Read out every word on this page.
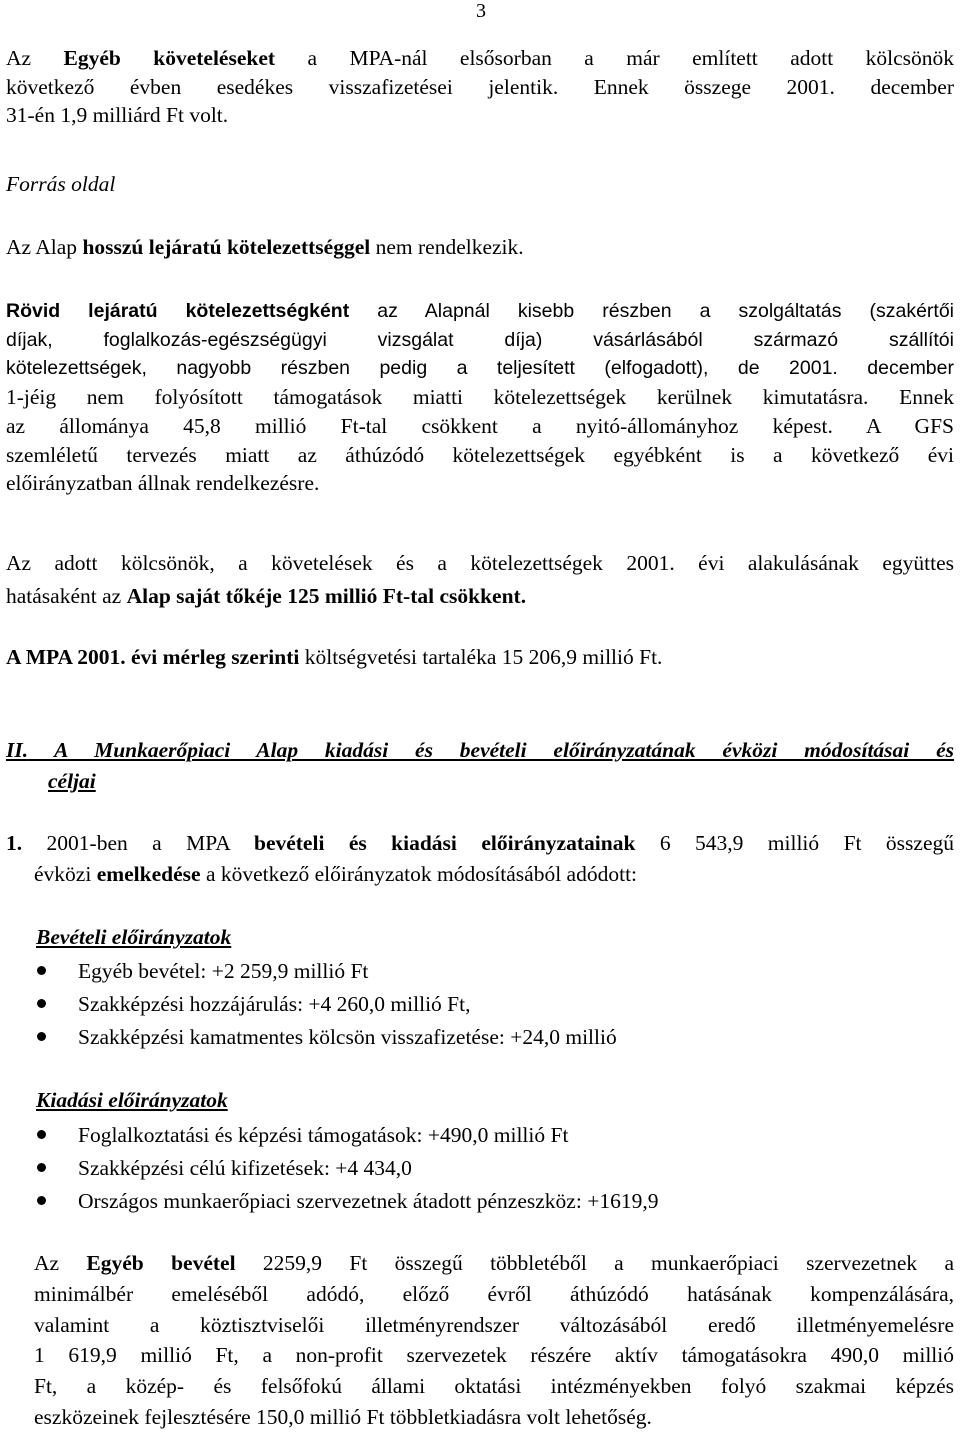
3

Az Egyéb követeléseket a MPA-nál elsősorban a már említett adott kölcsönök
következő évben esedékes visszafizetései jelentik. Ennek összege 2001. december
31-én 1,9 milliárd Ft volt.

Forrás oldal

Az Alap hosszú lejáratú kötelezettséggel nem rendelkezik.

Rövid lejáratú kötelezettségként az Alapnál kisebb részben a szolgáltatás (szakértői
díjak, foglalkozás-egészségügyi vizsgálat díja) vásárlásából származó szállítói
kötelezettségek, nagyobb részben pedig a teljesített (elfogadott), de 2001. december
1-jéig nem folyósított támogatások miatti kötelezettségek kerülnek kimutatásra. Ennek
az állománya 45,8 millió Ft-tal csökkent a nyitó-állományhoz képest. A GFS
szemléletű tervezés miatt az áthúzódó kötelezettségek egyébként is a következő évi
előirányzatban állnak rendelkezésre.

Az adott kölcsönök, a követelések és a kötelezettségek 2001. évi alakulásának együttes
hatásaként az Alap saját tőkéje 125 millió Ft-tal csökkent.

A MPA 2001. évi mérleg szerinti költségvetési tartaléka 15 206,9 millió Ft.

II. A Munkaerőpiaci Alap kiadási és bevételi előirányzatának évközi módosításai és
céljai
1. 2001-ben a MPA bevételi és kiadási előirányzatainak 6 543,9 millió Ft összegű
évközi emelkedése a következő előirányzatok módosításából adódott:

Bevételi előirányzatok

Egyéb bevétel: +2 259,9 millió Ft
Szakképzési hozzájárulás: +4 260,0 millió Ft,
Szakképzési kamatmentes kölcsön visszafizetése: +24,0 millió

Kiadási előirányzatok

Foglalkoztatási és képzési támogatások: +490,0 millió Ft
Szakképzési célú kifizetések: +4 434,0
Országos munkaerőpiaci szervezetnek átadott pénzeszköz: +1619,9

Az Egyéb bevétel 2259,9 Ft összegű többletéből a munkaerőpiaci szervezetnek a
minimálbér emeléséből adódó, előző évről áthúzódó hatásának kompenzálására,
valamint a köztisztviselői illetményrendszer változásából eredő illetményemelésre
1 619,9 millió Ft, a non-profit szervezetek részére aktív támogatásokra 490,0 millió
Ft, a közép- és felsőfokú állami oktatási intézményekben folyó szakmai képzés
eszközeinek fejlesztésére 150,0 millió Ft többletkiadásra volt lehetőség.
